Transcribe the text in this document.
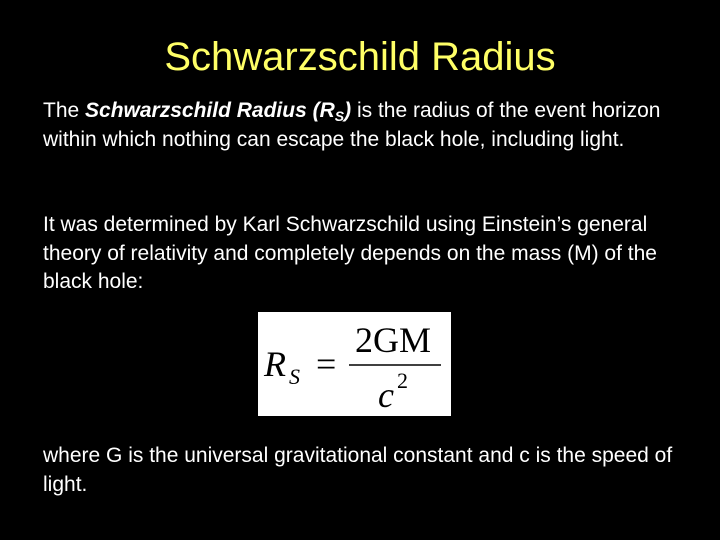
Schwarzschild Radius
The Schwarzschild Radius $(R_S)$ is the radius of the event horizon within which nothing can escape the black hole, including light.
It was determined by Karl Schwarzschild using Einstein’s general theory of relativity and completely depends on the mass (M) of the black hole:
R S =
2GM
c 2
where G is the universal gravitational constant and c is the speed of light.
